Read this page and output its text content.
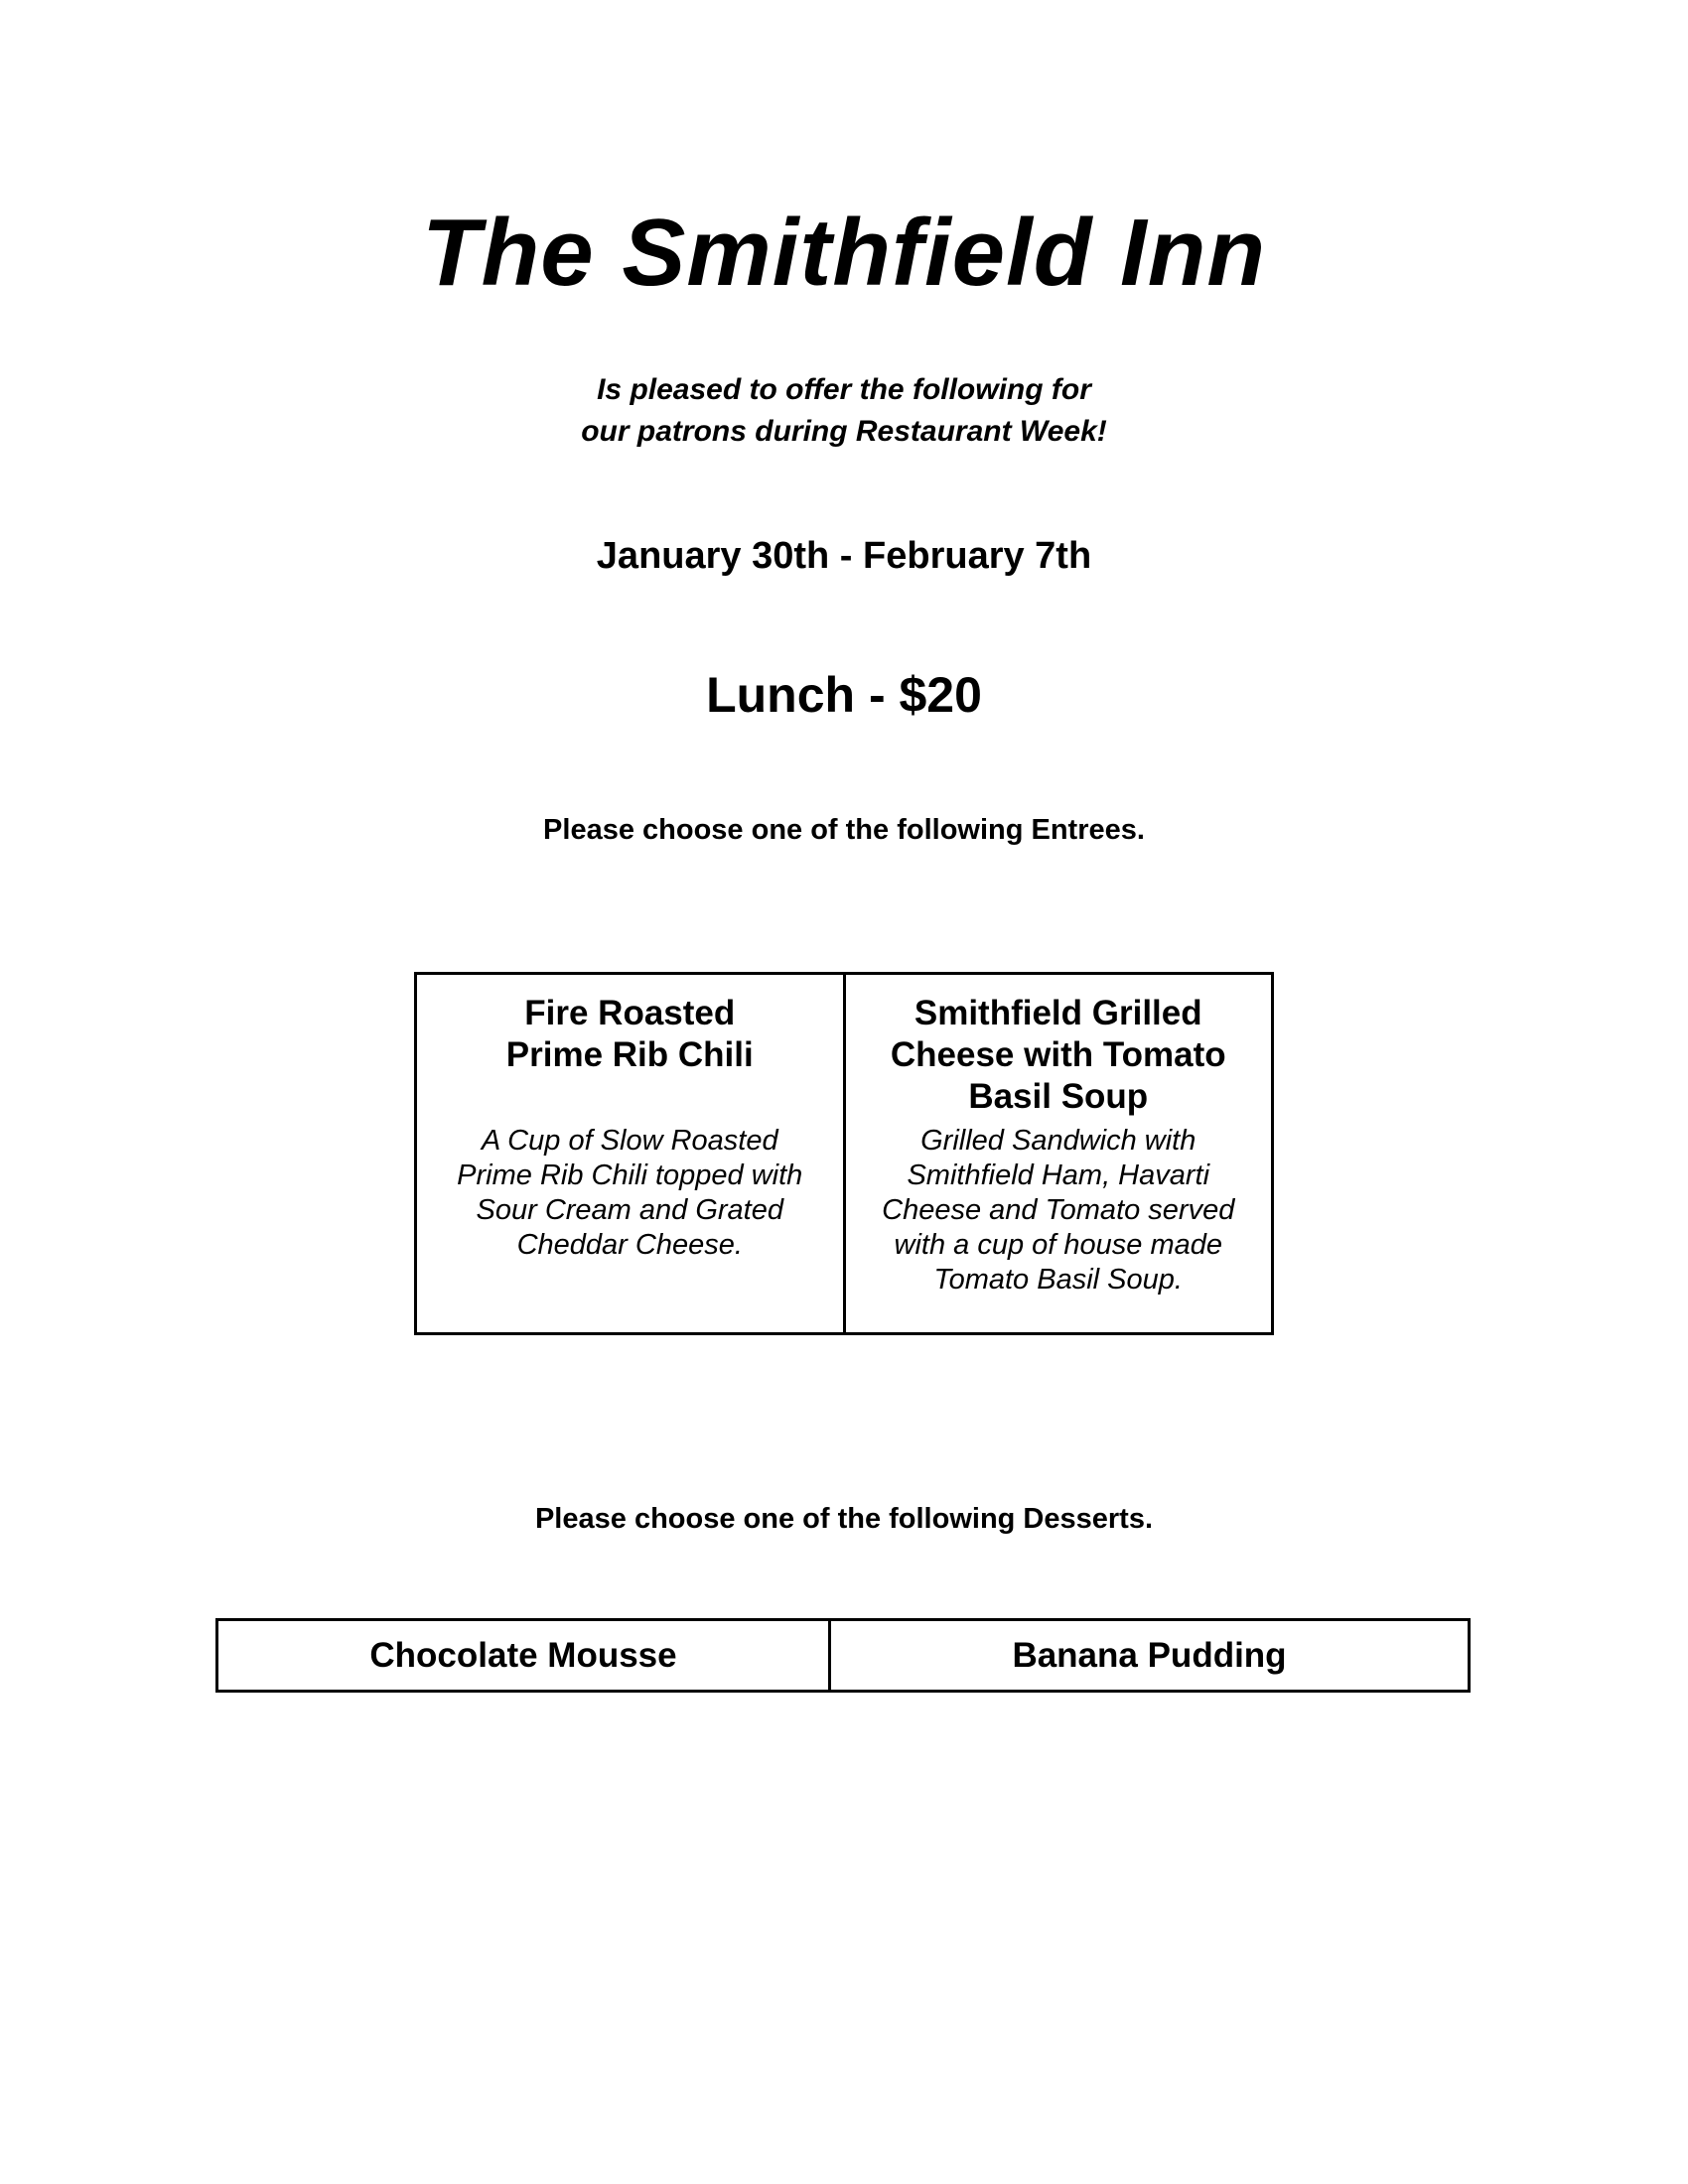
The Smithfield Inn
Is pleased to offer the following for
our patrons during Restaurant Week!
January 30th - February 7th
Lunch - $20
Please choose one of the following Entrees.
Fire Roasted
Prime Rib Chili
A Cup of Slow Roasted
Prime Rib Chili topped with
Sour Cream and Grated
Cheddar Cheese.
Smithfield Grilled
Cheese with Tomato
Basil Soup
Grilled Sandwich with
Smithfield Ham, Havarti
Cheese and Tomato served
with a cup of house made
Tomato Basil Soup.
Please choose one of the following Desserts.
Chocolate Mousse	Banana Pudding
